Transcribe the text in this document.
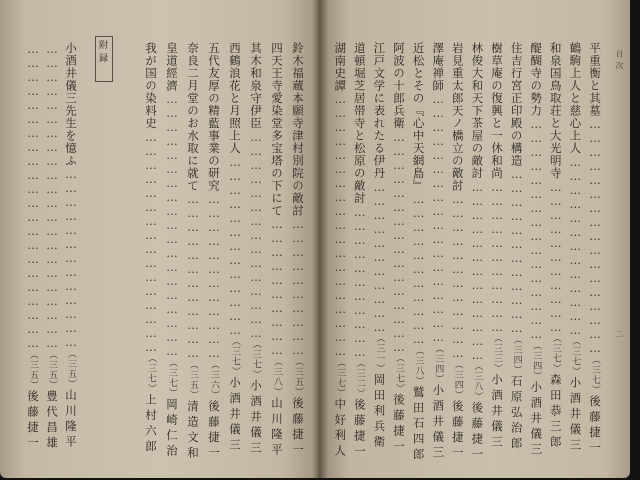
目次
二
附録	平重衡と其墓……………………………………………（三七）後藤捷一
鶴駒上人と慈心上人…………………………………（三七）小酒井儀三
和泉国鳥取荘と大光明寺……………………………（三七）森田恭三郎
醍醐寺の勢力…………………………………………（三四）小酒井儀三
住吉行宮正印殿の構造………………………………（三四）石原弘治郎
樹草庵の復興と一休和尚……………………………（三三）小酒井儀三
林俊大和天下茶屋の敵討…………………………………（三八）後藤捷一
岩見重太郎天ノ橋立の敵討………………………………（三四）後藤捷一
澤庵禅師………………………………………………（三四）小酒井儀三
近松とその『心中天網島』……………………………（三八）鷲田石四郎
阿波の十郎兵衛…………………………………………（三七）後藤捷一
江戸文学に表れたる伊丹……………………………（三一）岡田利兵衛
道頓堀芝居帯寺と松原の敵討……………………………（三二）後藤捷一
湖南史譚…………………………………………………（三七）中好利人
鈴木福蔵本願寺津村別院の敵討…………………………（三五）後藤捷一
四天王寺愛染堂多宝塔の下にて…………………………（三八）山川隆平
其木和泉守伊臣………………………………………（三七）小酒井儀三
西鶴浪花と月照上人…………………………………（三七）小酒井儀三
五代友厚の精藍事業の研究………………………………（三六）後藤捷一
奈良二月堂のお水取に就て………………………………（三五）清造文和
皇道經濟…………………………………………………（三七）岡崎仁治
我が国の染料史…………………………………………（三七）上村六郎
小酒井儀三先生を憶ふ…………………………………（三五）山川隆平
…………………………………………………………（三五）豊代昌雄
…………………………………………………………（三五）後藤捷一
